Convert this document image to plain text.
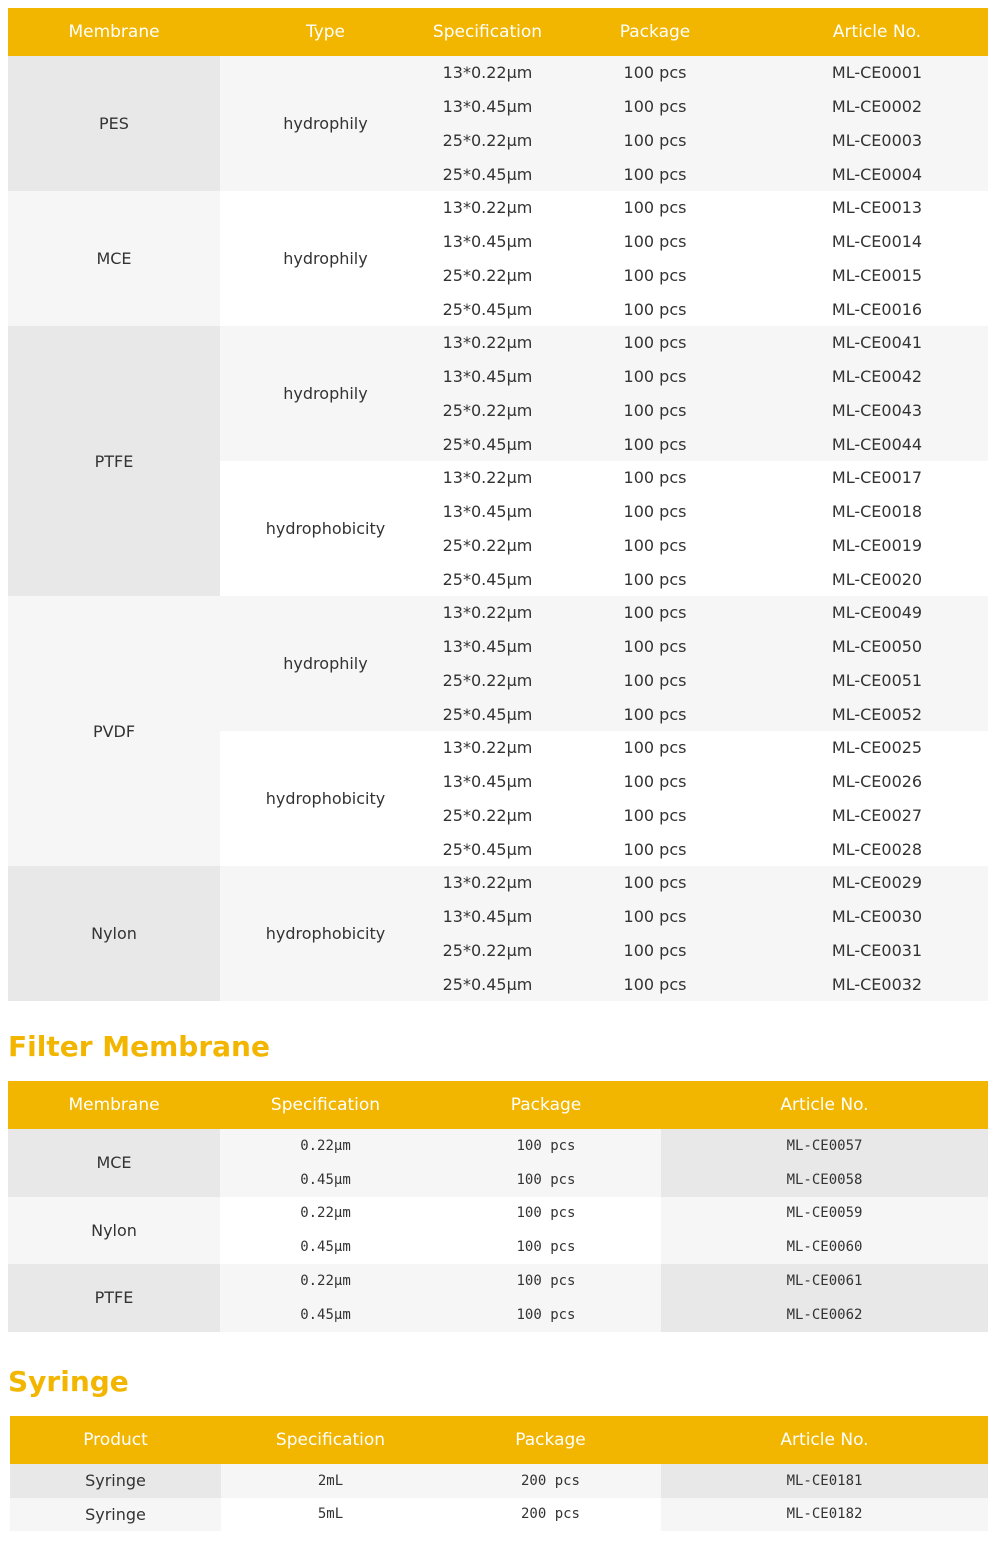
Membrane	Type	Specification	Package	Article No.
PES	hydrophily	13*0.22μm	100 pcs	ML-CE0001
		13*0.45μm	100 pcs	ML-CE0002
		25*0.22μm	100 pcs	ML-CE0003
		25*0.45μm	100 pcs	ML-CE0004
MCE	hydrophily	13*0.22μm	100 pcs	ML-CE0013
		13*0.45μm	100 pcs	ML-CE0014
		25*0.22μm	100 pcs	ML-CE0015
		25*0.45μm	100 pcs	ML-CE0016
PTFE	hydrophily	13*0.22μm	100 pcs	ML-CE0041
		13*0.45μm	100 pcs	ML-CE0042
		25*0.22μm	100 pcs	ML-CE0043
		25*0.45μm	100 pcs	ML-CE0044
	hydrophobicity	13*0.22μm	100 pcs	ML-CE0017
		13*0.45μm	100 pcs	ML-CE0018
		25*0.22μm	100 pcs	ML-CE0019
		25*0.45μm	100 pcs	ML-CE0020
PVDF	hydrophily	13*0.22μm	100 pcs	ML-CE0049
		13*0.45μm	100 pcs	ML-CE0050
		25*0.22μm	100 pcs	ML-CE0051
		25*0.45μm	100 pcs	ML-CE0052
	hydrophobicity	13*0.22μm	100 pcs	ML-CE0025
		13*0.45μm	100 pcs	ML-CE0026
		25*0.22μm	100 pcs	ML-CE0027
		25*0.45μm	100 pcs	ML-CE0028
Nylon	hydrophobicity	13*0.22μm	100 pcs	ML-CE0029
		13*0.45μm	100 pcs	ML-CE0030
		25*0.22μm	100 pcs	ML-CE0031
		25*0.45μm	100 pcs	ML-CE0032
Filter Membrane
Membrane	Specification	Package	Article No.
MCE	0.22μm	100 pcs	ML-CE0057
	0.45μm	100 pcs	ML-CE0058
Nylon	0.22μm	100 pcs	ML-CE0059
	0.45μm	100 pcs	ML-CE0060
PTFE	0.22μm	100 pcs	ML-CE0061
	0.45μm	100 pcs	ML-CE0062
Syringe
Product	Specification	Package	Article No.
Syringe	2mL	200 pcs	ML-CE0181
Syringe	5mL	200 pcs	ML-CE0182
